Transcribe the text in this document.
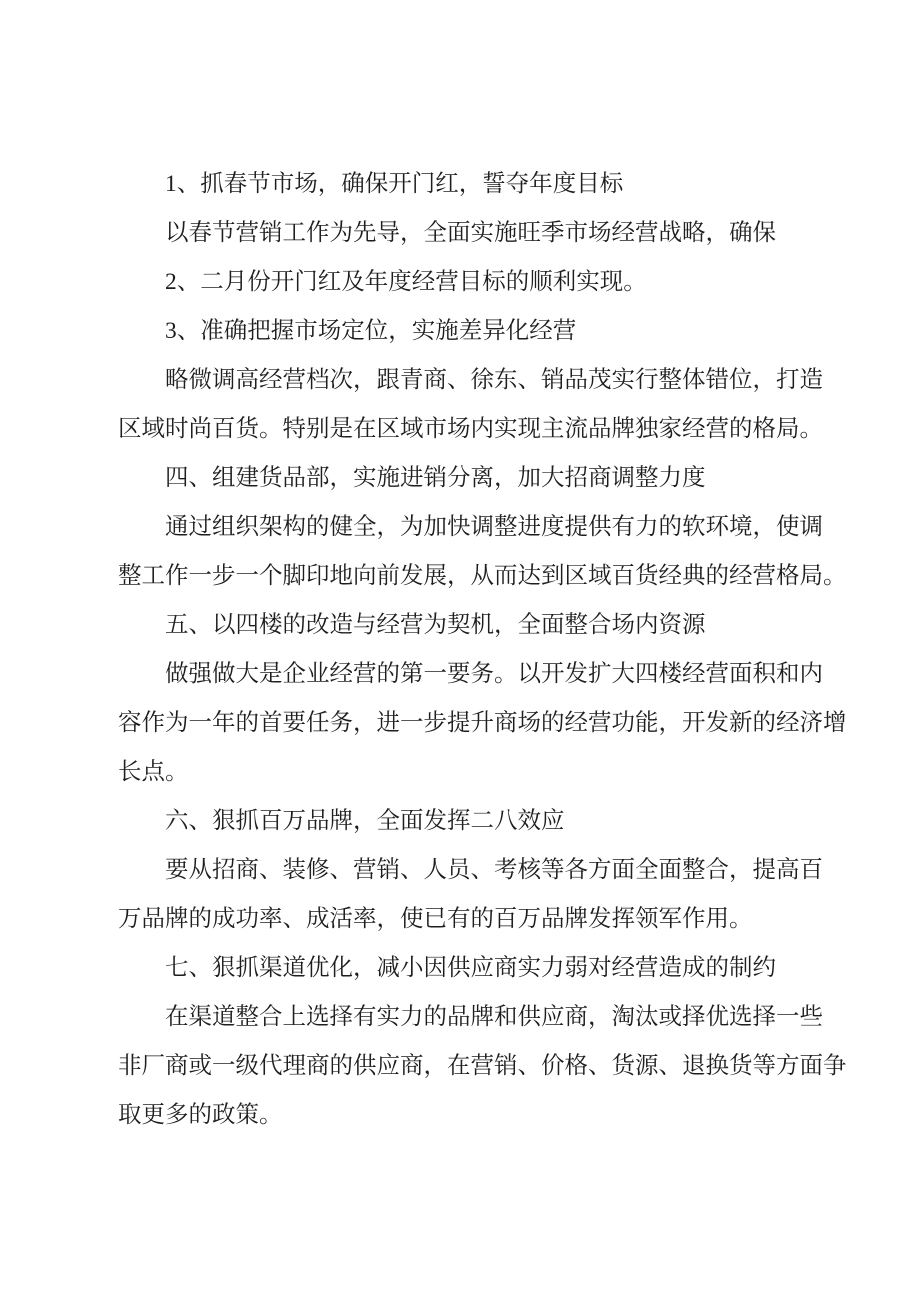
1、抓春节市场，确保开门红，誓夺年度目标

以春节营销工作为先导，全面实施旺季市场经营战略，确保

2、二月份开门红及年度经营目标的顺利实现。

3、准确把握市场定位，实施差异化经营

略微调高经营档次，跟青商、徐东、销品茂实行整体错位，打造
区域时尚百货。特别是在区域市场内实现主流品牌独家经营的格局。

四、组建货品部，实施进销分离，加大招商调整力度

通过组织架构的健全，为加快调整进度提供有力的软环境，使调
整工作一步一个脚印地向前发展，从而达到区域百货经典的经营格局。

五、以四楼的改造与经营为契机，全面整合场内资源

做强做大是企业经营的第一要务。以开发扩大四楼经营面积和内
容作为一年的首要任务，进一步提升商场的经营功能，开发新的经济增
长点。

六、狠抓百万品牌，全面发挥二八效应

要从招商、装修、营销、人员、考核等各方面全面整合，提高百
万品牌的成功率、成活率，使已有的百万品牌发挥领军作用。

七、狠抓渠道优化，减小因供应商实力弱对经营造成的制约

在渠道整合上选择有实力的品牌和供应商，淘汰或择优选择一些
非厂商或一级代理商的供应商，在营销、价格、货源、退换货等方面争
取更多的政策。
